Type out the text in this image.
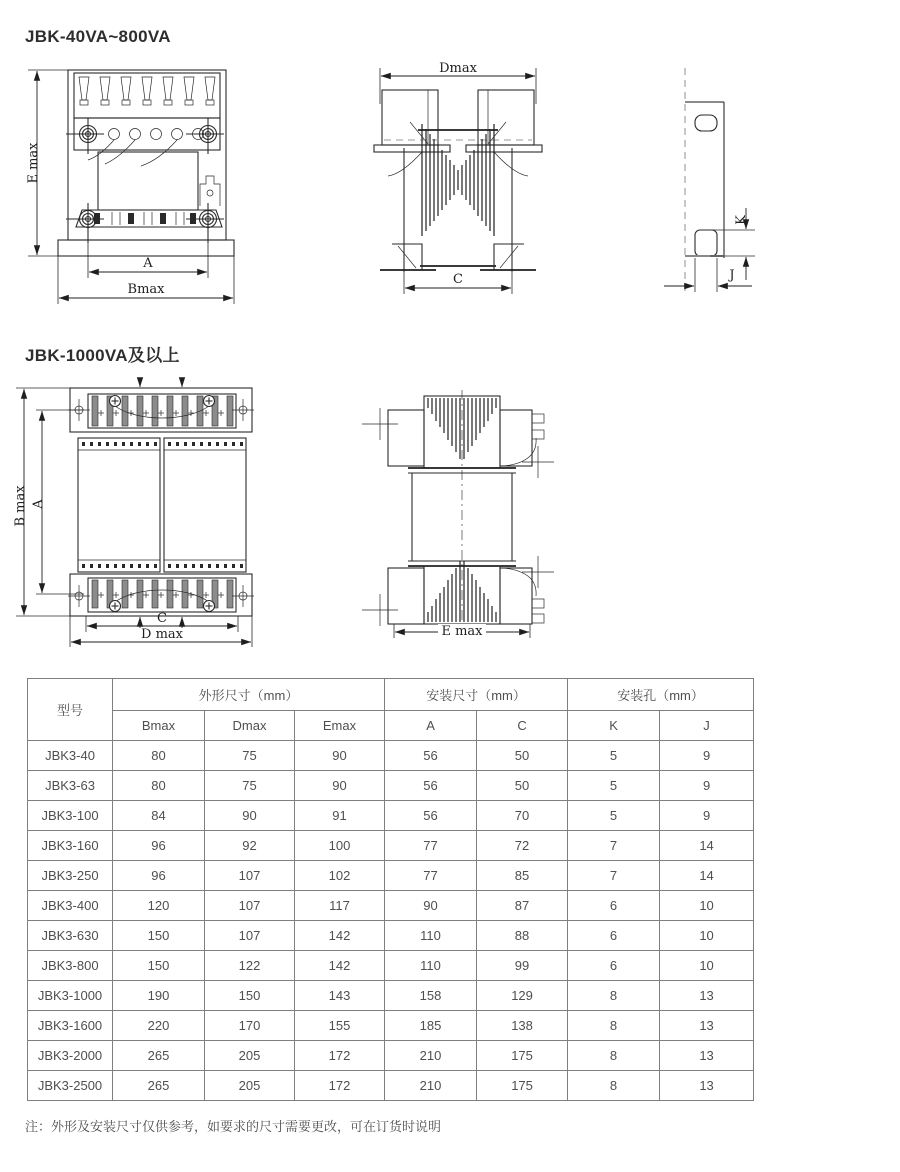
JBK-40VA~800VA
E max
A
Bmax
Dmax
C
K
J
JBK-1000VA及以上
B max A
C
D max	E max
型号	外形尺寸（mm）			安装尺寸（mm）		安装孔（mm）	
	Bmax	Dmax	Emax	A	C	K	J
JBK3-40	80	75	90	56	50	5	9
JBK3-63	80	75	90	56	50	5	9
JBK3-100	84	90	91	56	70	5	9
JBK3-160	96	92	100	77	72	7	14
JBK3-250	96	107	102	77	85	7	14
JBK3-400	120	107	117	90	87	6	10
JBK3-630	150	107	142	110	88	6	10
JBK3-800	150	122	142	110	99	6	10
JBK3-1000	190	150	143	158	129	8	13
JBK3-1600	220	170	155	185	138	8	13
JBK3-2000	265	205	172	210	175	8	13
JBK3-2500	265	205	172	210	175	8	13
注：外形及安装尺寸仅供参考，如要求的尺寸需要更改，可在订货时说明
